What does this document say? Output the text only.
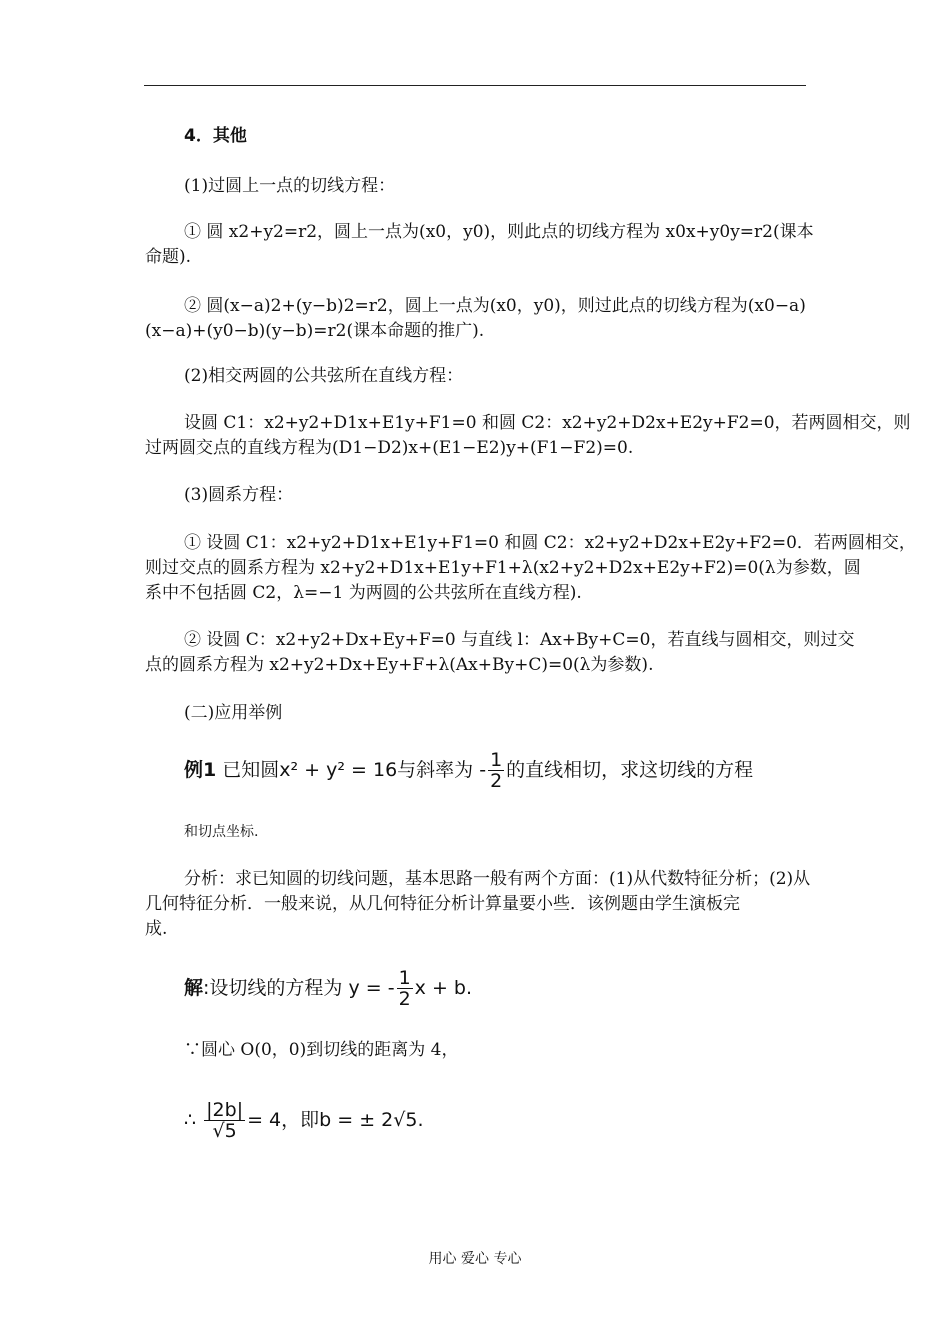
4．其他
(1)过圆上一点的切线方程：
① 圆 x2+y2=r2，圆上一点为(x0，y0)，则此点的切线方程为 x0x+y0y=r2(课本
命题).
② 圆(x−a)2+(y−b)2=r2，圆上一点为(x0，y0)，则过此点的切线方程为(x0−a)
(x−a)+(y0−b)(y−b)=r2(课本命题的推广).
(2)相交两圆的公共弦所在直线方程：
设圆 C1：x2+y2+D1x+E1y+F1=0 和圆 C2：x2+y2+D2x+E2y+F2=0，若两圆相交，则
过两圆交点的直线方程为(D1−D2)x+(E1−E2)y+(F1−F2)=0.
(3)圆系方程：
① 设圆 C1：x2+y2+D1x+E1y+F1=0 和圆 C2：x2+y2+D2x+E2y+F2=0．若两圆相交，
则过交点的圆系方程为 x2+y2+D1x+E1y+F1+λ(x2+y2+D2x+E2y+F2)=0(λ为参数，圆
系中不包括圆 C2，λ=−1 为两圆的公共弦所在直线方程).
② 设圆 C：x2+y2+Dx+Ey+F=0 与直线 l：Ax+By+C=0，若直线与圆相交，则过交
点的圆系方程为 x2+y2+Dx+Ey+F+λ(Ax+By+C)=0(λ为参数).
(二)应用举例
例1 已知圆x² + y² = 16与斜率为 - $\frac{1}{2}$ 的直线相切，求这切线的方程
和切点坐标.
分析：求已知圆的切线问题，基本思路一般有两个方面：(1)从代数特征分析；(2)从
几何特征分析．一般来说，从几何特征分析计算量要小些．该例题由学生演板完
成.
解:设切线的方程为 y = - $\frac{1}{2}$ x + b.
∵圆心 O(0，0)到切线的距离为 4，
∴ $\frac{|2b|}{√5} = 4$，即b = ± 2√5.
用心 爱心 专心
